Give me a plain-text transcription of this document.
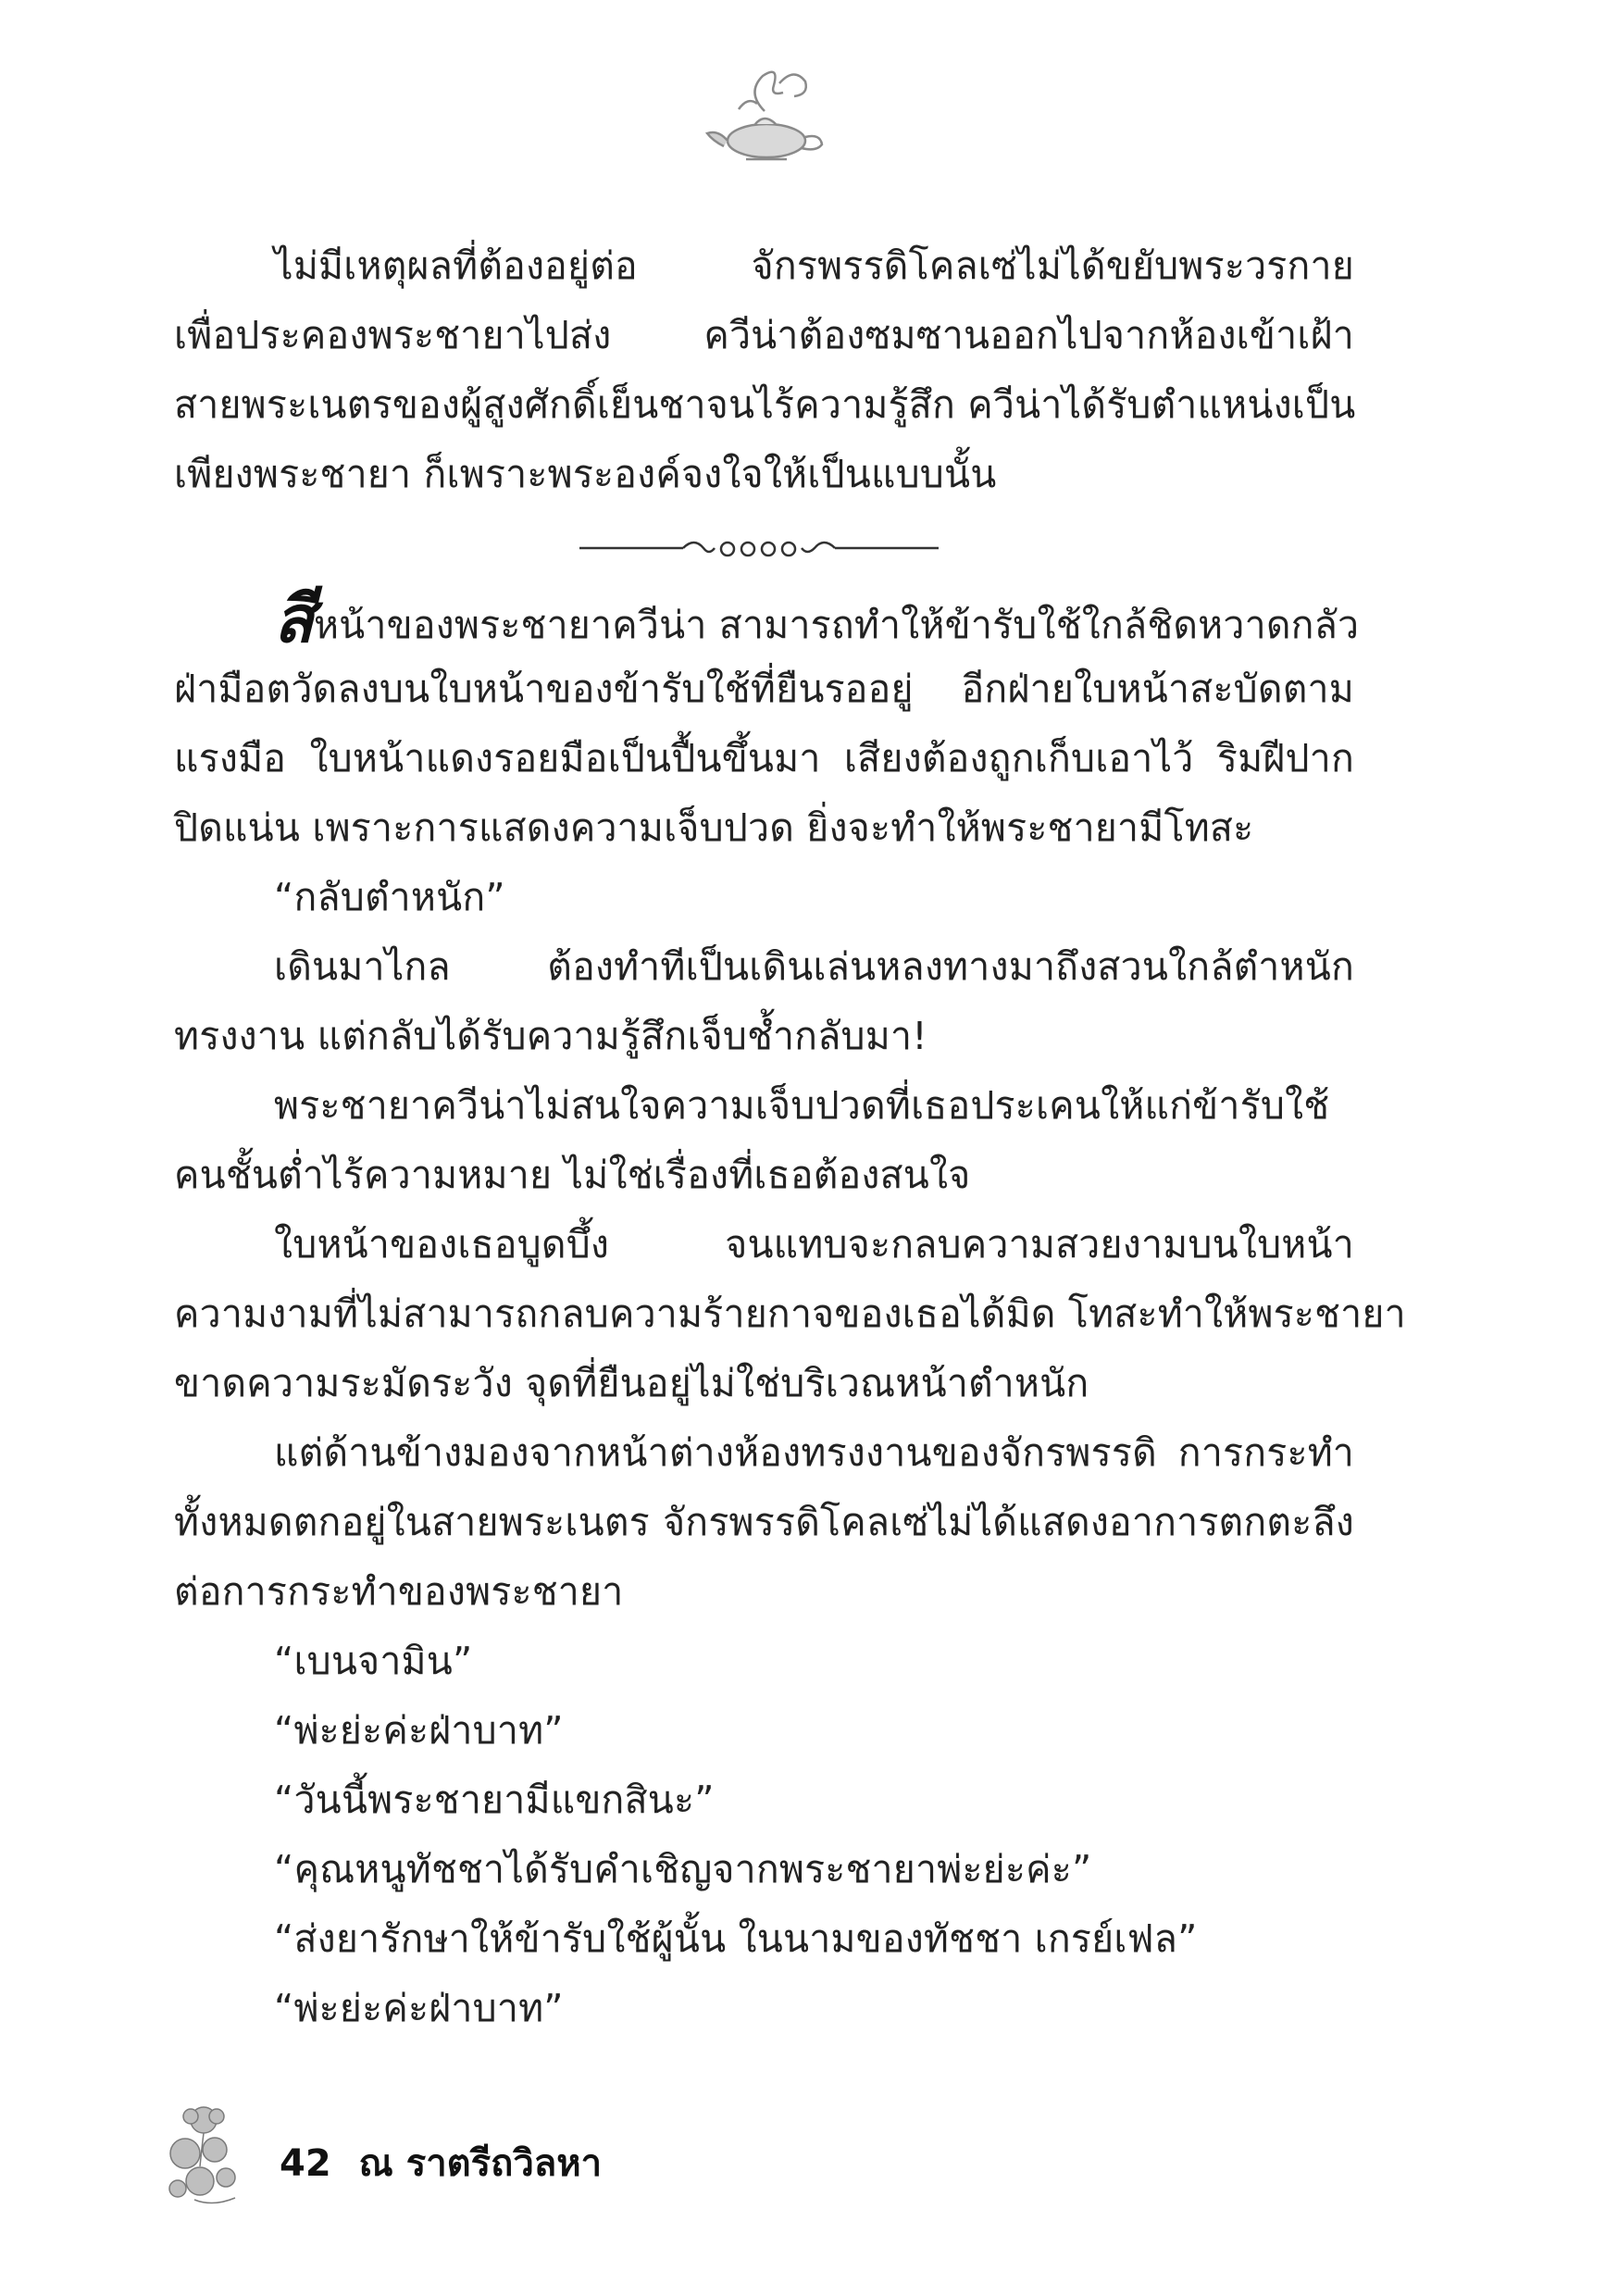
ไม่มีเหตุผลที่ต้องอยู่ต่อ จักรพรรดิโคลเซ่ไม่ได้ขยับพระวรกาย
เพื่อประคองพระชายาไปส่ง ควีน่าต้องซมซานออกไปจากห้องเข้าเฝ้า
สายพระเนตรของผู้สูงศักดิ์เย็นชาจนไร้ความรู้สึก ควีน่าได้รับตำแหน่งเป็น
เพียงพระชายา ก็เพราะพระองค์จงใจให้เป็นแบบนั้น
สีหน้าของพระชายาควีน่า สามารถทำให้ข้ารับใช้ใกล้ชิดหวาดกลัว
ฝ่ามือตวัดลงบนใบหน้าของข้ารับใช้ที่ยืนรออยู่ อีกฝ่ายใบหน้าสะบัดตาม
แรงมือ ใบหน้าแดงรอยมือเป็นปื้นขึ้นมา เสียงต้องถูกเก็บเอาไว้ ริมฝีปาก
ปิดแน่น เพราะการแสดงความเจ็บปวด ยิ่งจะทำให้พระชายามีโทสะ
“กลับตำหนัก”
เดินมาไกล ต้องทำทีเป็นเดินเล่นหลงทางมาถึงสวนใกล้ตำหนัก
ทรงงาน แต่กลับได้รับความรู้สึกเจ็บช้ำกลับมา!
พระชายาควีน่าไม่สนใจความเจ็บปวดที่เธอประเคนให้แก่ข้ารับใช้
คนชั้นต่ำไร้ความหมาย ไม่ใช่เรื่องที่เธอต้องสนใจ
ใบหน้าของเธอบูดบึ้ง จนแทบจะกลบความสวยงามบนใบหน้า
ความงามที่ไม่สามารถกลบความร้ายกาจของเธอได้มิด โทสะทำให้พระชายา
ขาดความระมัดระวัง จุดที่ยืนอยู่ไม่ใช่บริเวณหน้าตำหนัก
แต่ด้านข้างมองจากหน้าต่างห้องทรงงานของจักรพรรดิ การกระทำ
ทั้งหมดตกอยู่ในสายพระเนตร จักรพรรดิโคลเซ่ไม่ได้แสดงอาการตกตะลึง
ต่อการกระทำของพระชายา
“เบนจามิน”
“พ่ะย่ะค่ะฝ่าบาท”
“วันนี้พระชายามีแขกสินะ”
“คุณหนูทัชชาได้รับคำเชิญจากพระชายาพ่ะย่ะค่ะ”
“ส่งยารักษาให้ข้ารับใช้ผู้นั้น ในนามของทัชชา เกรย์เฟล”
“พ่ะย่ะค่ะฝ่าบาท”
42 ณ ราตรีถวิลหา
